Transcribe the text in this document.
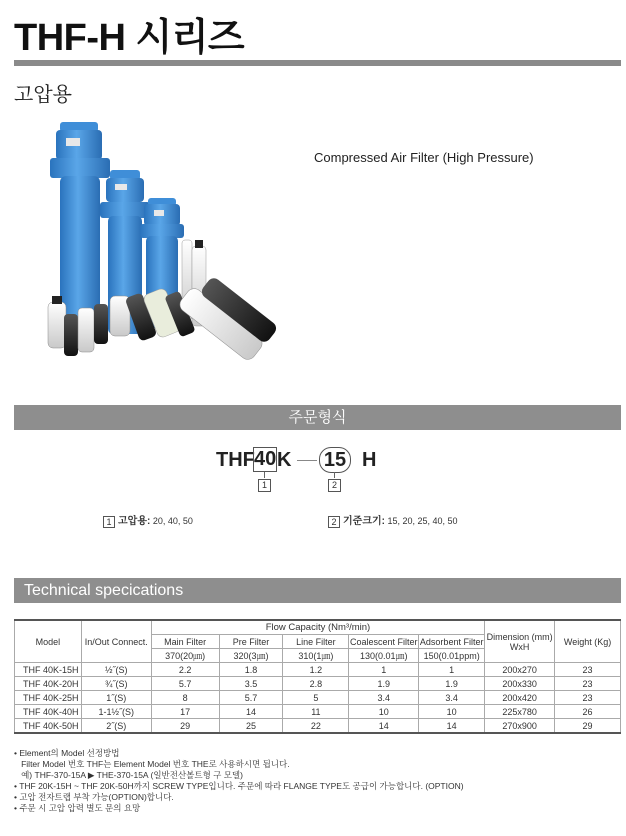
THF-H 시리즈
고압용
Compressed Air Filter (High Pressure)
주문형식
THF 40 K 15 H
1	2
1 고압용: 20, 40, 50	2 기준크기: 15, 20, 25, 40, 50
Technical specications
Model	In/Out Connect.	Flow Capacity (Nm³/min)					Dimension (mm) WxH	Weight (Kg)
		Main Filter	Pre Filter	Line Filter	Coalescent Filter	Adsorbent Filter		
		370(20㎛)	320(3㎛)	310(1㎛)	130(0.01㎛)	150(0.01ppm)		
THF 40K-15H	½˝(S)	2.2	1.8	1.2	1	1	200x270	23
THF 40K-20H	¾˝(S)	5.7	3.5	2.8	1.9	1.9	200x330	23
THF 40K-25H	1˝(S)	8	5.7	5	3.4	3.4	200x420	23
THF 40K-40H	1-1½˝(S)	17	14	11	10	10	225x780	26
THF 40K-50H	2˝(S)	29	25	22	14	14	270x900	29
• Element의 Model 선정방법
Filter Model 번호 THF는 Element Model 번호 THE로 사용하시면 됩니다.
예) THF-370-15A ▶ THE-370-15A (일반전산볼트형 구 모델)
• THF 20K-15H ~ THF 20K-50H까지 SCREW TYPE입니다. 주문에 따라 FLANGE TYPE도 공급이 가능합니다. (OPTION)
• 고압 전자트랩 부착 가능(OPTION)합니다.
• 주문 시 고압 압력 별도 문의 요망
